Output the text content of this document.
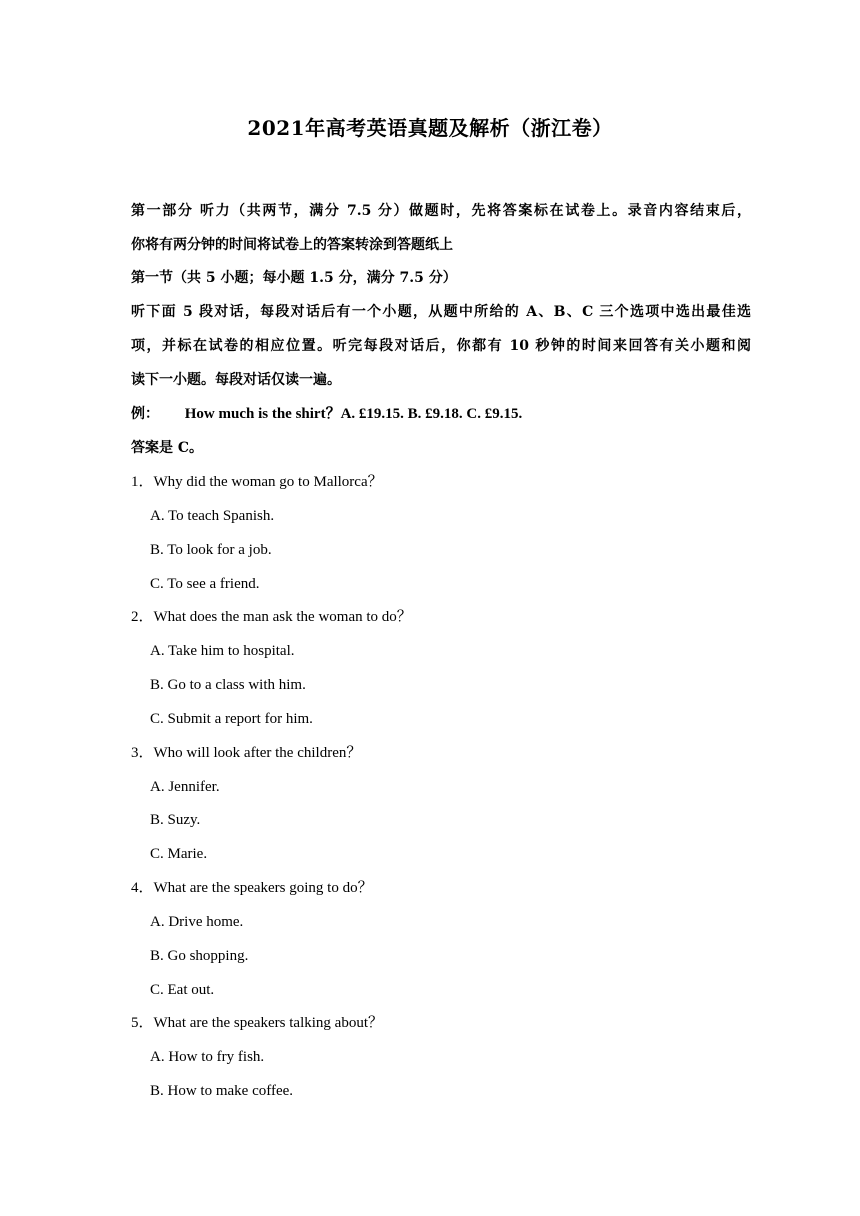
2021年高考英语真题及解析（浙江卷）
第一部分 听力（共两节，满分 7.5 分）做题时，先将答案标在试卷上。录音内容结束后，
你将有两分钟的时间将试卷上的答案转涂到答题纸上
第一节（共 5 小题；每小题 1.5 分，满分 7.5 分）
听下面 5 段对话，每段对话后有一个小题，从题中所给的 A、B、C 三个选项中选出最佳选
项，并标在试卷的相应位置。听完每段对话后，你都有 10 秒钟的时间来回答有关小题和阅
读下一小题。每段对话仅读一遍。
例： How much is the shirt？A. £19.15. B. £9.18. C. £9.15.
答案是 C。
1．Why did the woman go to Mallorca？
A. To teach Spanish.
B. To look for a job.
C. To see a friend.
2．What does the man ask the woman to do？
A. Take him to hospital.
B. Go to a class with him.
C. Submit a report for him.
3．Who will look after the children？
A. Jennifer.
B. Suzy.
C. Marie.
4．What are the speakers going to do？
A. Drive home.
B. Go shopping.
C. Eat out.
5．What are the speakers talking about？
A. How to fry fish.
B. How to make coffee.
